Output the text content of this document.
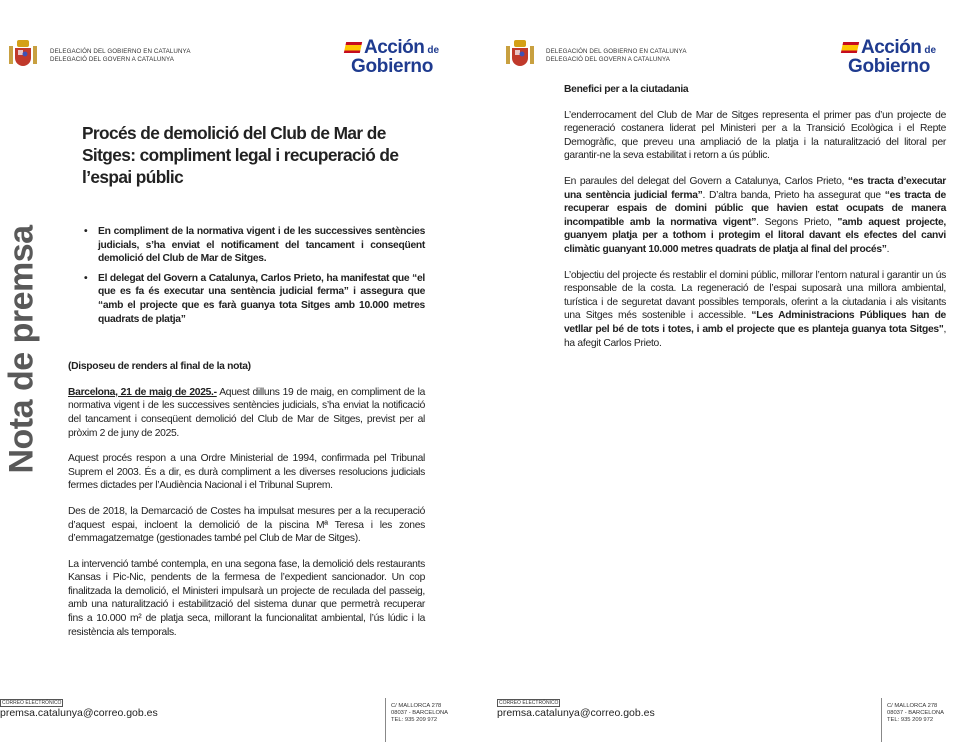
DELEGACIÓN DEL GOBIERNO EN CATALUNYA
DELEGACIÓ DEL GOVERN A CATALUNYA
Acción de
Gobierno
Nota de premsa
Procés de demolició del Club de Mar de Sitges: compliment legal i recuperació de l’espai públic
• En compliment de la normativa vigent i de les successives sentències judicials, s’ha enviat el notificament del tancament i conseqüent demolició del Club de Mar de Sitges.
• El delegat del Govern a Catalunya, Carlos Prieto, ha manifestat que “el que es fa és executar una sentència judicial ferma” i assegura que “amb el projecte que es farà guanya tota Sitges amb 10.000 metres quadrats de platja”
(Disposeu de renders al final de la nota)

Barcelona, 21 de maig de 2025.- Aquest dilluns 19 de maig, en compliment de la normativa vigent i de les successives sentències judicials, s’ha enviat la notificació del tancament i conseqüent demolició del Club de Mar de Sitges, previst per al pròxim 2 de juny de 2025.

Aquest procés respon a una Ordre Ministerial de 1994, confirmada pel Tribunal Suprem el 2003. És a dir, es durà compliment a les diverses resolucions judicials fermes dictades per l’Audiència Nacional i el Tribunal Suprem.

Des de 2018, la Demarcació de Costes ha impulsat mesures per a la recuperació d’aquest espai, incloent la demolició de la piscina Mª Teresa i les zones d’emmagatzematge (gestionades també pel Club de Mar de Sitges).

La intervenció també contempla, en una segona fase, la demolició dels restaurants Kansas i Pic-Nic, pendents de la fermesa de l’expedient sancionador. Un cop finalitzada la demolició, el Ministeri impulsarà un projecte de reculada del passeig, amb una naturalització i estabilització del sistema dunar que permetrà recuperar fins a 10.000 m² de platja seca, millorant la funcionalitat ambiental, l’ús lúdic i la resistència als temporals.

CORREO ELECTRÓNICO
premsa.catalunya@correo.gob.es
C/ MALLORCA 278
08037 - BARCELONA
TEL: 935 209 972
DELEGACIÓN DEL GOBIERNO EN CATALUNYA
DELEGACIÓ DEL GOVERN A CATALUNYA
Acción de
Gobierno
Benefici per a la ciutadania

L’enderrocament del Club de Mar de Sitges representa el primer pas d’un projecte de regeneració costanera liderat pel Ministeri per a la Transició Ecològica i el Repte Demogràfic, que preveu una ampliació de la platja i la naturalització del litoral per garantir-ne la seva estabilitat i retorn a ús públic.

En paraules del delegat del Govern a Catalunya, Carlos Prieto, “es tracta d’executar una sentència judicial ferma”. D’altra banda, Prieto ha assegurat que “es tracta de recuperar espais de domini públic que havien estat ocupats de manera incompatible amb la normativa vigent”. Segons Prieto, "amb aquest projecte, guanyem platja per a tothom i protegim el litoral davant els efectes del canvi climàtic guanyant 10.000 metres quadrats de platja al final del procés”.

L’objectiu del projecte és restablir el domini públic, millorar l’entorn natural i garantir un ús responsable de la costa. La regeneració de l’espai suposarà una millora ambiental, turística i de seguretat davant possibles temporals, oferint a la ciutadania i als visitants una Sitges més sostenible i accessible. “Les Administracions Públiques han de vetllar pel bé de tots i totes, i amb el projecte que es planteja guanya tota Sitges", ha afegit Carlos Prieto.

CORREO ELECTRÓNICO
premsa.catalunya@correo.gob.es
C/ MALLORCA 278
08037 - BARCELONA
TEL: 935 209 972
